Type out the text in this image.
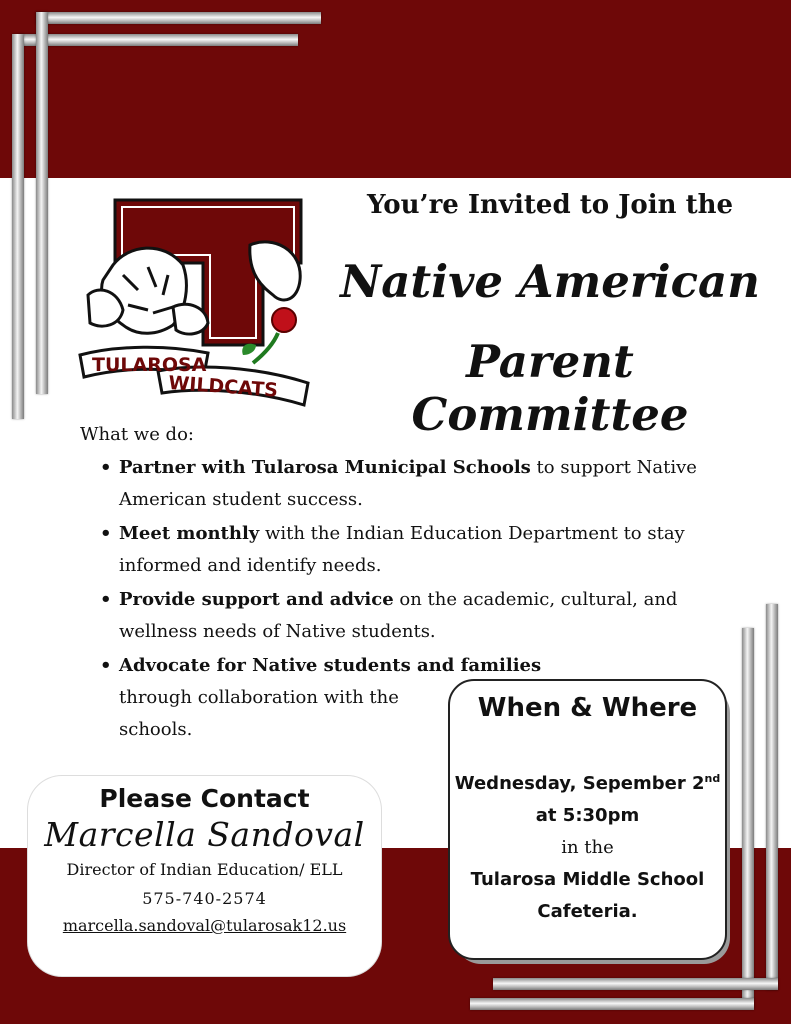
TULAROSA
WILDCATS
You’re Invited to Join the
Native American
Parent Committee
What we do:
• Partner with Tularosa Municipal Schools to support Native American student success.
• Meet monthly with the Indian Education Department to stay informed and identify needs.
• Provide support and advice on the academic, cultural, and wellness needs of Native students.
• Advocate for Native students and families through collaboration with the schools.
Please Contact
Marcella Sandoval
Director of Indian Education/ ELL
575-740-2574
marcella.sandoval@tularosak12.us
When & Where
Wednesday, Sepember 2nd
at 5:30pm
in the
Tularosa Middle School
Cafeteria.
